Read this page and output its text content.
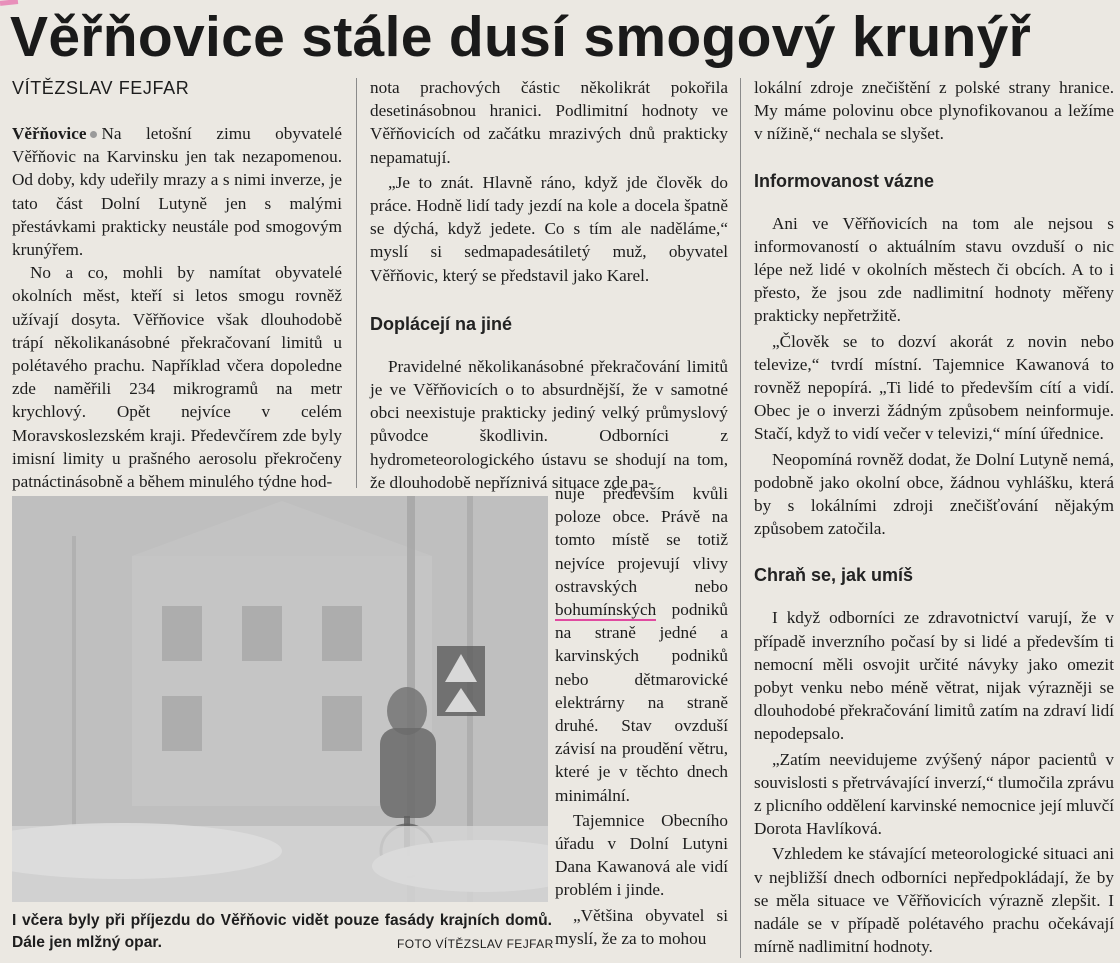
Věřňovice stále dusí smogový krunýř

VÍTĚZSLAV FEJFAR

Věřňovice Na letošní zimu obyvatelé Věřňovic na Karvinsku jen tak nezapomenou. Od doby, kdy udeřily mrazy a s nimi inverze, je tato část Dolní Lutyně jen s malými přestávkami prakticky neustále pod smogovým krunýřem.

No a co, mohli by namítat obyvatelé okolních měst, kteří si letos smogu rovněž užívají dosyta. Věřňovice však dlouhodobě trápí několikanásobné překračovaní limitů u polétavého prachu. Například včera dopoledne zde naměřili 234 mikrogramů na metr krychlový. Opět nejvíce v celém Moravskoslezském kraji. Předevčírem zde byly imisní limity u prašného aerosolu překročeny patnáctinásobně a během minulého týdne hod-

nota prachových částic několikrát pokořila desetinásobnou hranici. Podlimitní hodnoty ve Věřňovicích od začátku mrazivých dnů prakticky nepamatují.

„Je to znát. Hlavně ráno, když jde člověk do práce. Hodně lidí tady jezdí na kole a docela špatně se dýchá, když jedete. Co s tím ale naděláme,“ myslí si sedmapadesátiletý muž, obyvatel Věřňovic, který se představil jako Karel.

Doplácejí na jiné

Pravidelné několikanásobné překračování limitů je ve Věřňovicích o to absurdnější, že v samotné obci neexistuje prakticky jediný velký průmyslový původce škodlivin. Odborníci z hydrometeorologického ústavu se shodují na tom, že dlouhodobě nepříznivá situace zde pa-

nuje především kvůli poloze obce. Právě na tomto místě se totiž nejvíce projevují vlivy ostravských nebo bohumínských podniků na straně jedné a karvinských podniků nebo dětmarovické elektrárny na straně druhé. Stav ovzduší závisí na proudění větru, které je v těchto dnech minimální.

Tajemnice Obecního úřadu v Dolní Lutyni Dana Kawanová ale vidí problém i jinde.

„Většina obyvatel si myslí, že za to mohou

I včera byly při příjezdu do Věřňovic vidět pouze fasády krajních domů. Dále jen mlžný opar.	FOTO VÍTĚZSLAV FEJFAR

lokální zdroje znečištění z polské strany hranice. My máme polovinu obce plynofikovanou a ležíme v nížině,“ nechala se slyšet.

Informovanost vázne

Ani ve Věřňovicích na tom ale nejsou s informovaností o aktuálním stavu ovzduší o nic lépe než lidé v okolních městech či obcích. A to i přesto, že jsou zde nadlimitní hodnoty měřeny prakticky nepřetržitě.

„Člověk se to dozví akorát z novin nebo televize,“ tvrdí místní. Tajemnice Kawanová to rovněž nepopírá. „Ti lidé to především cítí a vidí. Obec je o inverzi žádným způsobem neinformuje. Stačí, když to vidí večer v televizi,“ míní úřednice.

Neopomíná rovněž dodat, že Dolní Lutyně nemá, podobně jako okolní obce, žádnou vyhlášku, která by s lokálními zdroji znečišťování nějakým způsobem zatočila.

Chraň se, jak umíš

I když odborníci ze zdravotnictví varují, že v případě inverzního počasí by si lidé a především ti nemocní měli osvojit určité návyky jako omezit pobyt venku nebo méně větrat, nijak výrazněji se dlouhodobé překračování limitů zatím na zdraví lidí nepodepsalo.

„Zatím neevidujeme zvýšený nápor pacientů v souvislosti s přetrvávající inverzí,“ tlumočila zprávu z plicního oddělení karvinské nemocnice její mluvčí Dorota Havlíková.

Vzhledem ke stávající meteorologické situaci ani v nejbližší dnech odborníci nepředpokládají, že by se měla situace ve Věřňovicích výrazně zlepšit. I nadále se v případě polétavého prachu očekávají mírně nadlimitní hodnoty.
